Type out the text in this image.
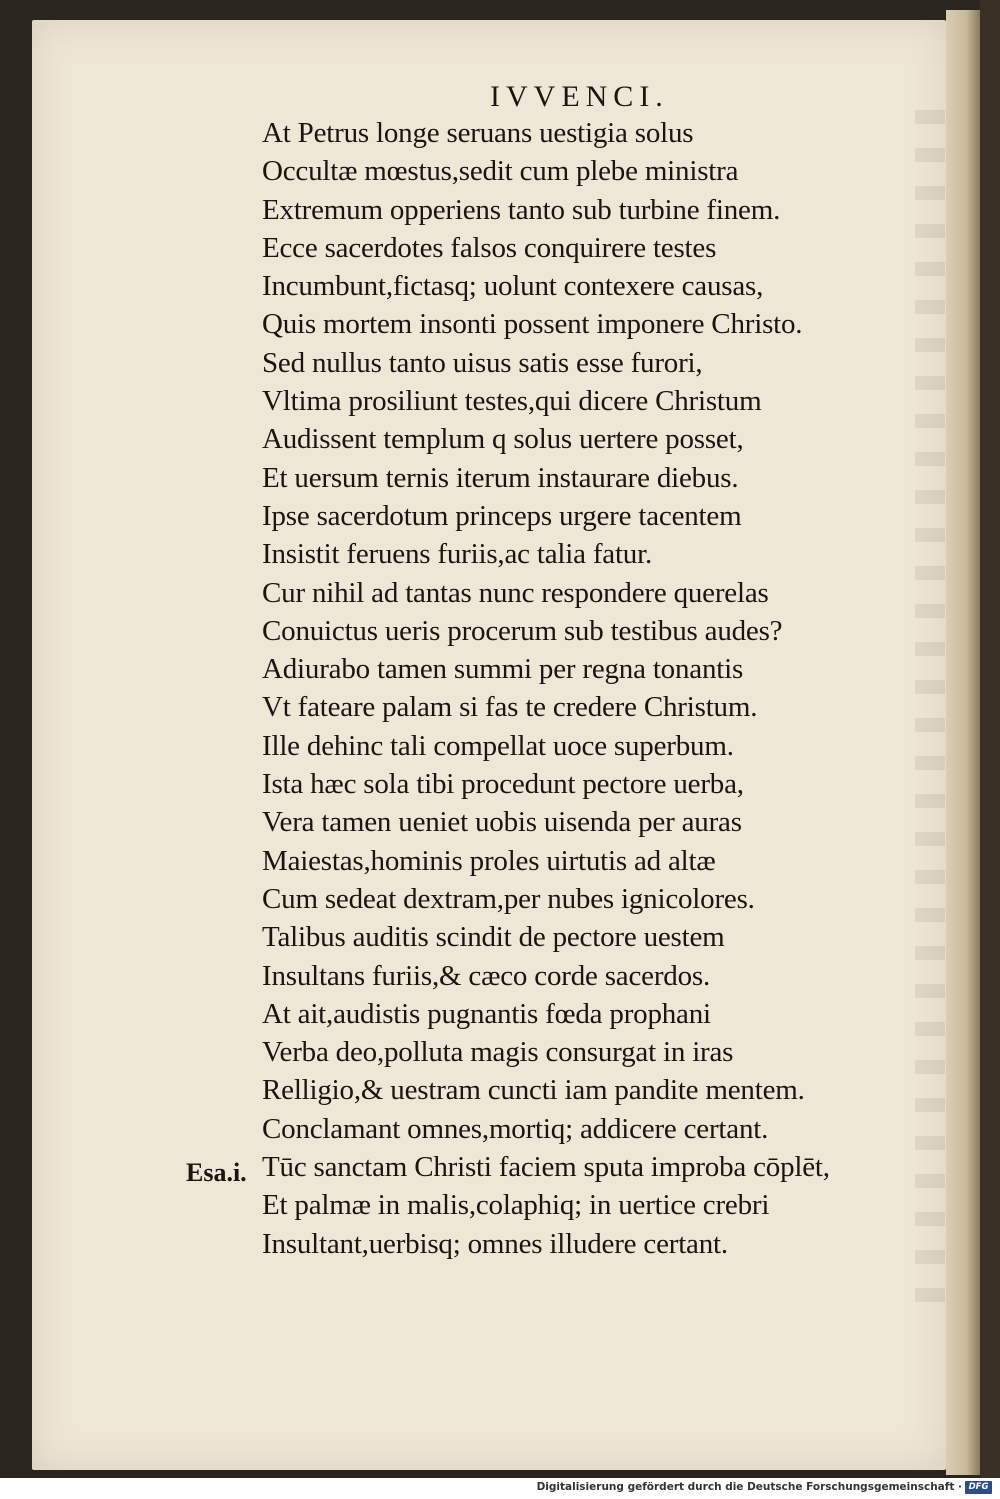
IVVENCI.
At Petrus longe seruans uestigia solus
Occultæ mœstus,sedit cum plebe ministra
Extremum opperiens tanto sub turbine finem.
Ecce sacerdotes falsos conquirere testes
Incumbunt,fictasq; uolunt contexere causas,
Quis mortem insonti possent imponere Christo.
Sed nullus tanto uisus satis esse furori,
Vltima prosiliunt testes,qui dicere Christum
Audissent templum q solus uertere posset,
Et uersum ternis iterum instaurare diebus.
Ipse sacerdotum princeps urgere tacentem
Insistit feruens furiis,ac talia fatur.
Cur nihil ad tantas nunc respondere querelas
Conuictus ueris procerum sub testibus audes?
Adiurabo tamen summi per regna tonantis
Vt fateare palam si fas te credere Christum.
Ille dehinc tali compellat uoce superbum.
Ista hæc sola tibi procedunt pectore uerba,
Vera tamen ueniet uobis uisenda per auras
Maiestas,hominis proles uirtutis ad altæ
Cum sedeat dextram,per nubes ignicolores.
Talibus auditis scindit de pectore uestem
Insultans furiis,& cæco corde sacerdos.
At ait,audistis pugnantis fœda prophani
Verba deo,polluta magis consurgat in iras
Relligio,& uestram cuncti iam pandite mentem.
Conclamant omnes,mortiq; addicere certant.
Tūc sanctam Christi faciem sputa improba cōplēt,
Et palmæ in malis,colaphiq; in uertice crebri
Insultant,uerbisq; omnes illudere certant.
Esa.i.
Digitalisierung gefördert durch die Deutsche Forschungsgemeinschaft · DFG
